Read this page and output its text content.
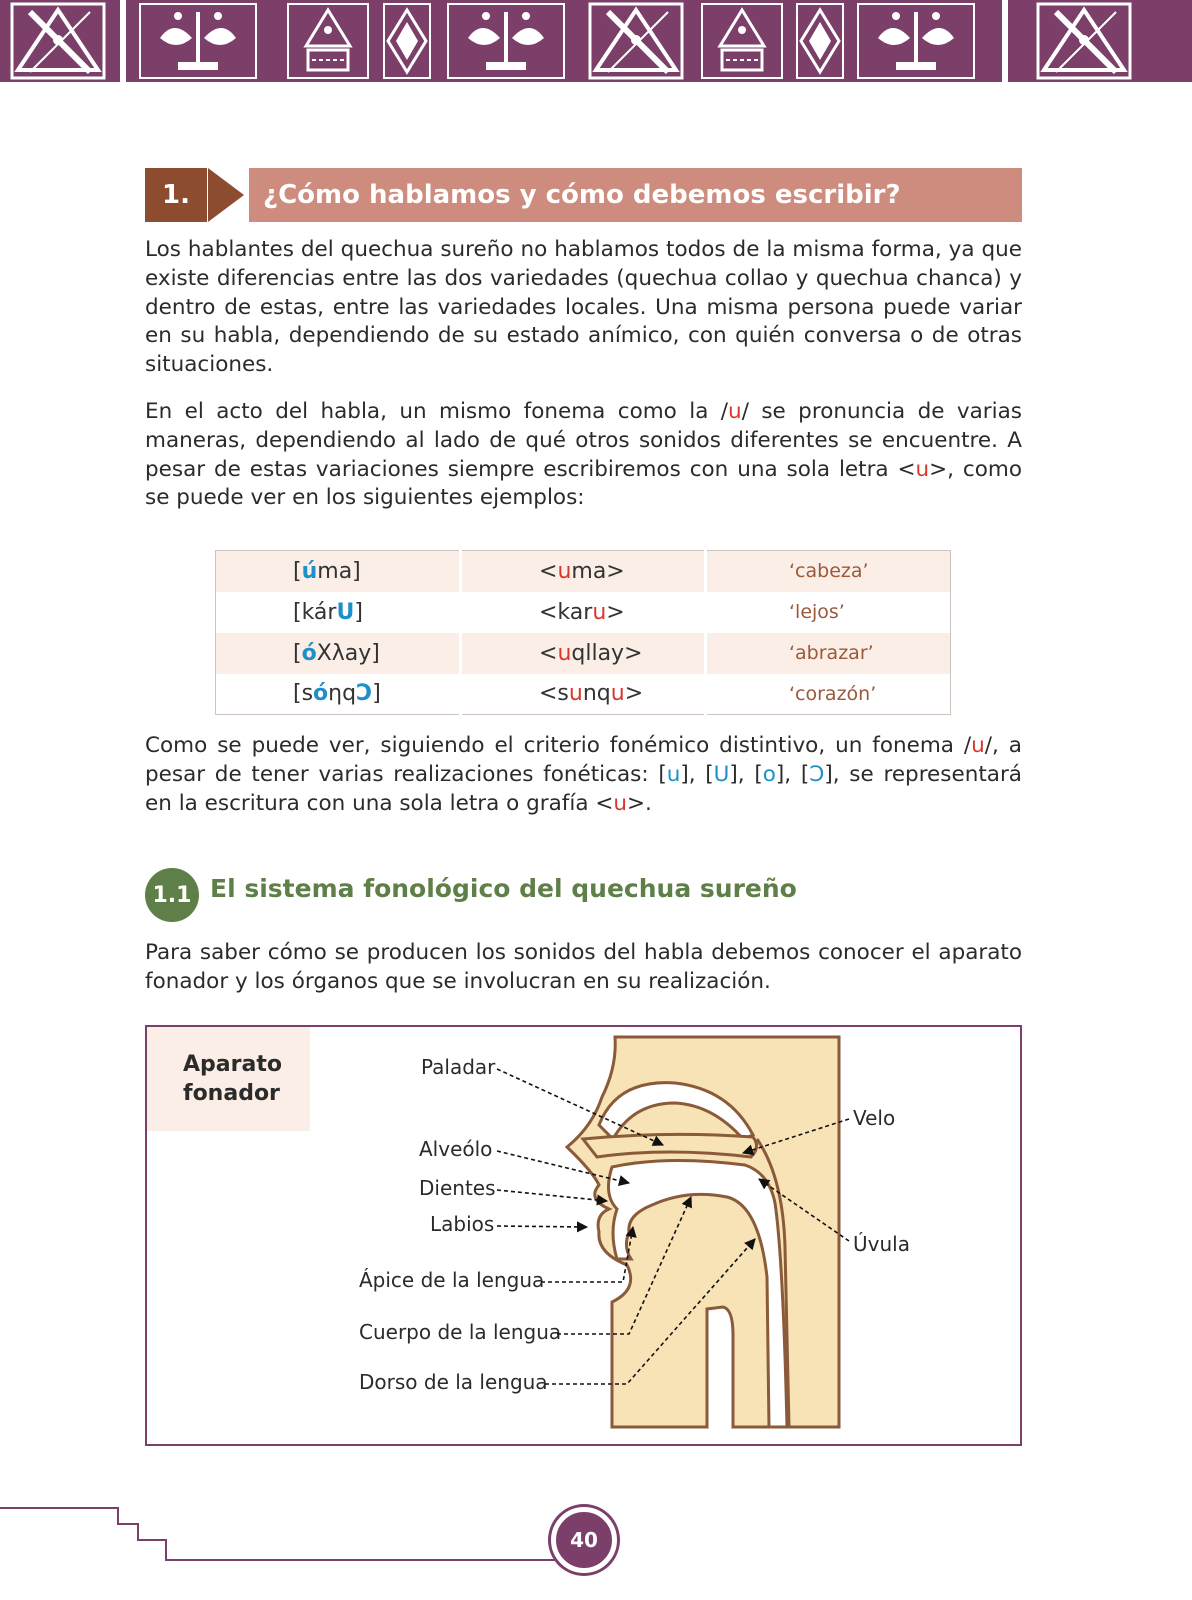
1.	¿Cómo hablamos y cómo debemos escribir?

Los hablantes del quechua sureño no hablamos todos de la misma forma, ya que existe diferencias entre las dos variedades (quechua collao y quechua chanca) y dentro de estas, entre las variedades locales. Una misma persona puede variar en su habla, dependiendo de su estado anímico, con quién conversa o de otras situaciones.

En el acto del habla, un mismo fonema como la /u/ se pronuncia de varias maneras, dependiendo al lado de qué otros sonidos diferentes se encuentre. A pesar de estas variaciones siempre escribiremos con una sola letra <u>, como se puede ver en los siguientes ejemplos:

[úma]	<uma>	‘cabeza’
[kárU]	<karu>	‘lejos’
[óXλay]	<uqllay>	‘abrazar’
[sóηqƆ]	<sunqu>	‘corazón’

Como se puede ver, siguiendo el criterio fonémico distintivo, un fonema /u/, a pesar de tener varias realizaciones fonéticas: [u], [U], [o], [Ɔ], se representará en la escritura con una sola letra o grafía <u>.

1.1 El sistema fonológico del quechua sureño

Para saber cómo se producen los sonidos del habla debemos conocer el aparato fonador y los órganos que se involucran en su realización.

Paladar
Velo
Alveólo
Dientes
Labios
Úvula
Ápice de la lengua
Cuerpo de la lengua
Dorso de la lengua
Aparato
fonador
40
